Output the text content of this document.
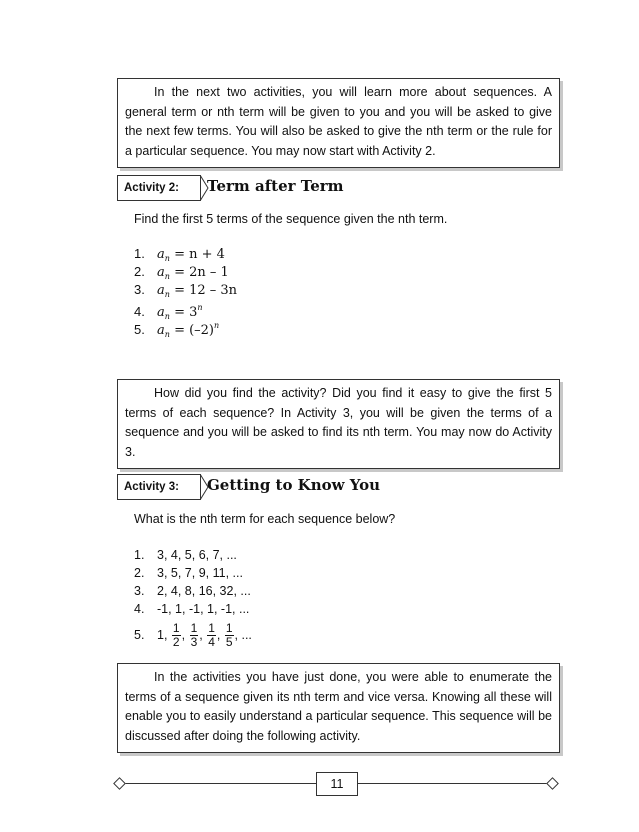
In the next two activities, you will learn more about sequences. A general term or nth term will be given to you and you will be asked to give the next few terms. You will also be asked to give the nth term or the rule for a particular sequence. You may now start with Activity 2.

Activity 2:	Term after Term
Find the first 5 terms of the sequence given the nth term.
1. $a_n = n + 4$
2. $a_n = 2n - 1$
3. $a_n = 12 - 3n$
4. $a_n = 3^n$
5. $a_n = (-2)^n$

How did you find the activity? Did you find it easy to give the first 5 terms of each sequence? In Activity 3, you will be given the terms of a sequence and you will be asked to find its nth term. You may now do Activity 3.

Activity 3:	Getting to Know You
What is the nth term for each sequence below?
1. 3, 4, 5, 6, 7, ...
2. 3, 5, 7, 9, 11, ...
3. 2, 4, 8, 16, 32, ...
4. -1, 1, -1, 1, -1, ...
5. 1, $\frac{1}{2}$ , $\frac{1}{3}$ , $\frac{1}{4}$ , $\frac{1}{5}$ , ...

In the activities you have just done, you were able to enumerate the terms of a sequence given its nth term and vice versa. Knowing all these will enable you to easily understand a particular sequence. This sequence will be discussed after doing the following activity.

11
